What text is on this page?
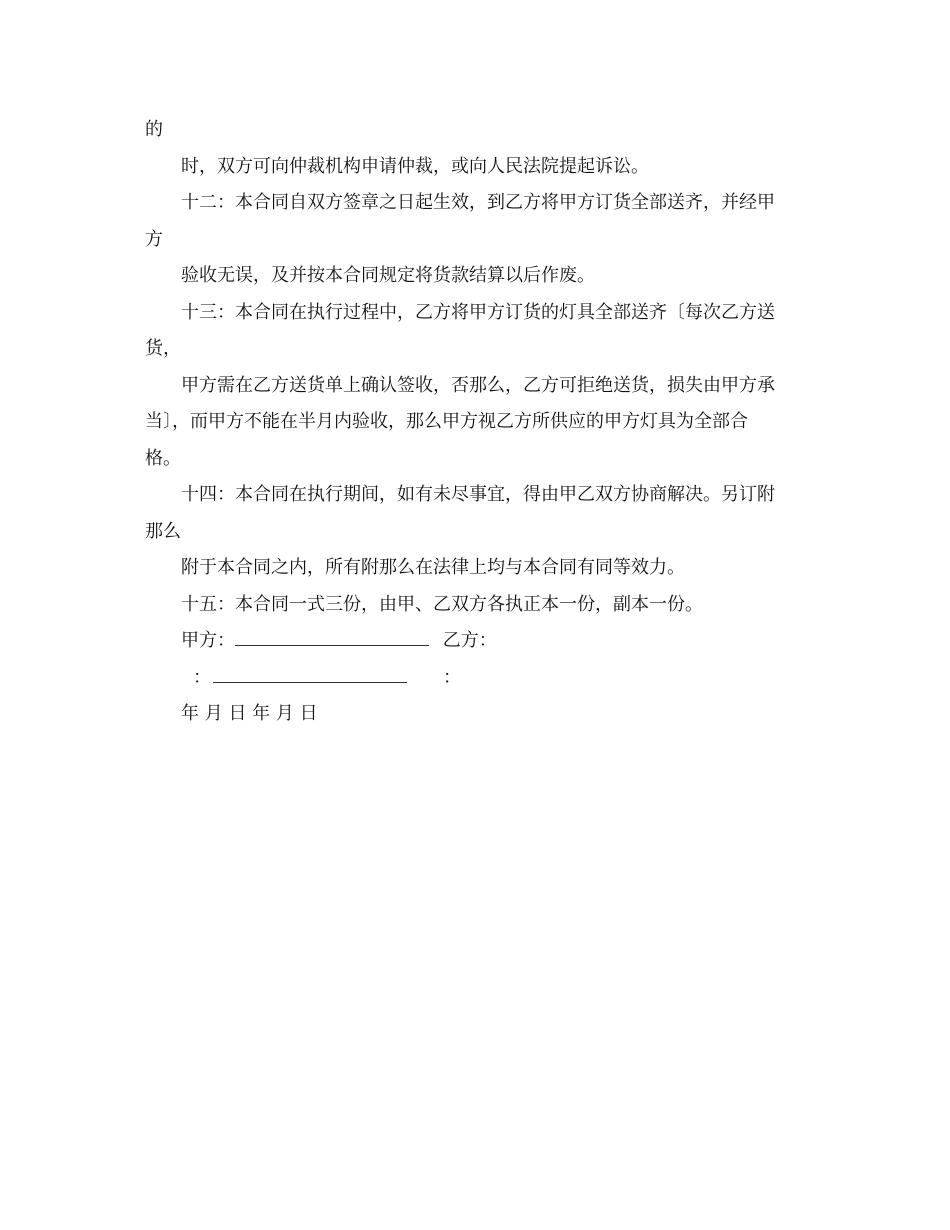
的
时，双方可向仲裁机构申请仲裁，或向人民法院提起诉讼。
十二：本合同自双方签章之日起生效，到乙方将甲方订货全部送齐，并经甲
方
验收无误，及并按本合同规定将货款结算以后作废。
十三：本合同在执行过程中，乙方将甲方订货的灯具全部送齐〔每次乙方送
货，
甲方需在乙方送货单上确认签收，否那么，乙方可拒绝送货，损失由甲方承
当〕，而甲方不能在半月内验收，那么甲方视乙方所供应的甲方灯具为全部合
格。
十四：本合同在执行期间，如有未尽事宜，得由甲乙双方协商解决。另订附
那么
附于本合同之内，所有附那么在法律上均与本合同有同等效力。
十五：本合同一式三份，由甲、乙双方各执正本一份，副本一份。
甲方：	乙方：
：	：
年 月 日 年 月 日
